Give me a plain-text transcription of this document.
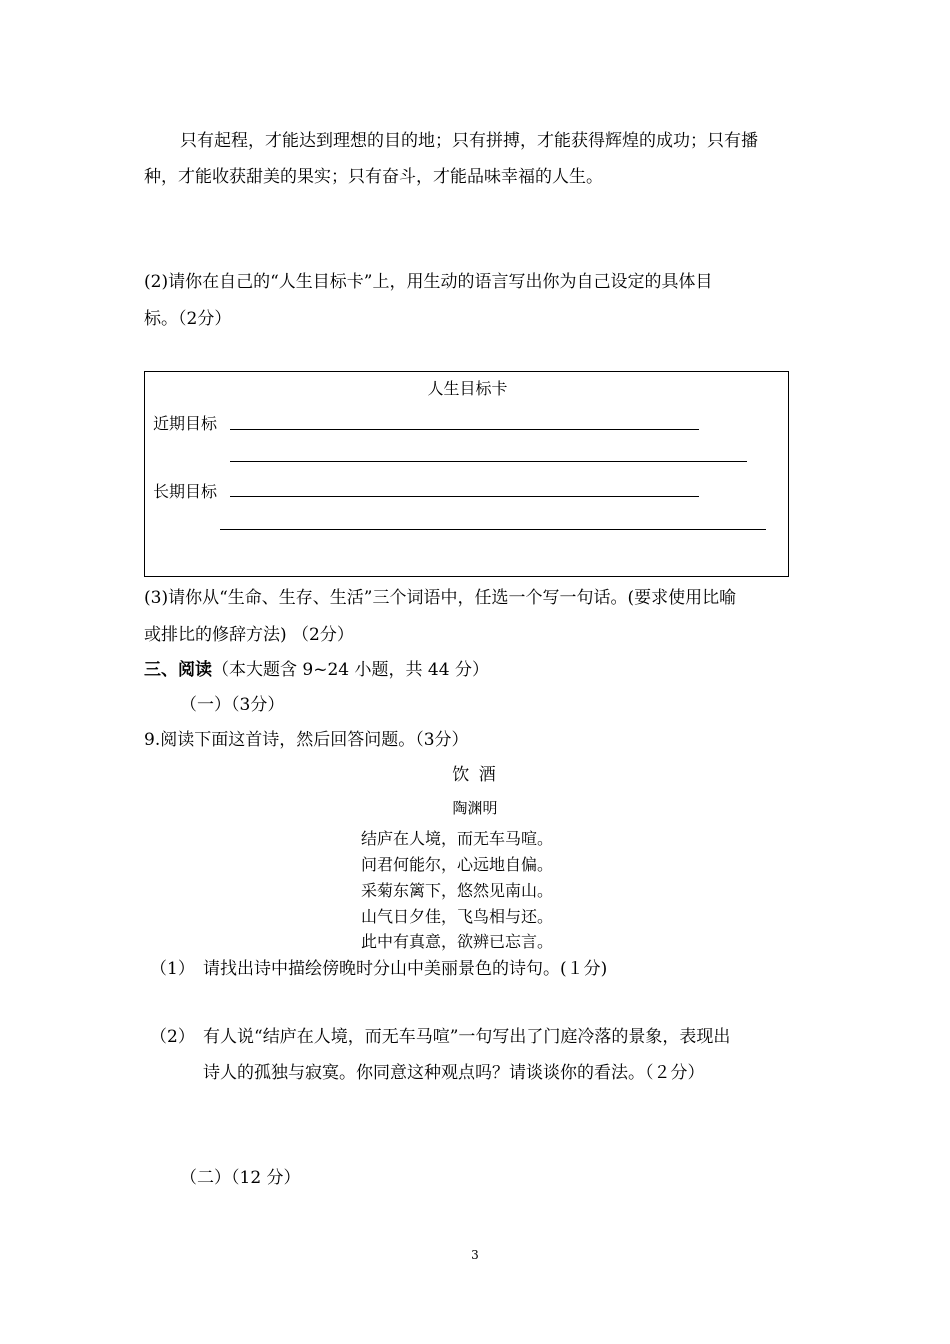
只有起程，才能达到理想的目的地；只有拼搏，才能获得辉煌的成功；只有播
种，才能收获甜美的果实；只有奋斗，才能品味幸福的人生。
(2)请你在自己的“人生目标卡”上，用生动的语言写出你为自己设定的具体目
标。（2分）
人生目标卡
近期目标
长期目标
(3)请你从“生命、生存、生活”三个词语中，任选一个写一句话。(要求使用比喻
或排比的修辞方法) （2分）
三、阅读（本大题含 9~24 小题，共 44 分）
（一）（3分）
9.阅读下面这首诗，然后回答问题。（3分）
饮 酒
陶渊明
结庐在人境，而无车马喧。
问君何能尔，心远地自偏。
采菊东篱下，悠然见南山。
山气日夕佳，飞鸟相与还。
此中有真意，欲辨已忘言。
（1） 请找出诗中描绘傍晚时分山中美丽景色的诗句。(１分)
（2） 有人说“结庐在人境，而无车马喧”一句写出了门庭冷落的景象，表现出
诗人的孤独与寂寞。你同意这种观点吗？请谈谈你的看法。（２分）
（二）（12 分）
3
